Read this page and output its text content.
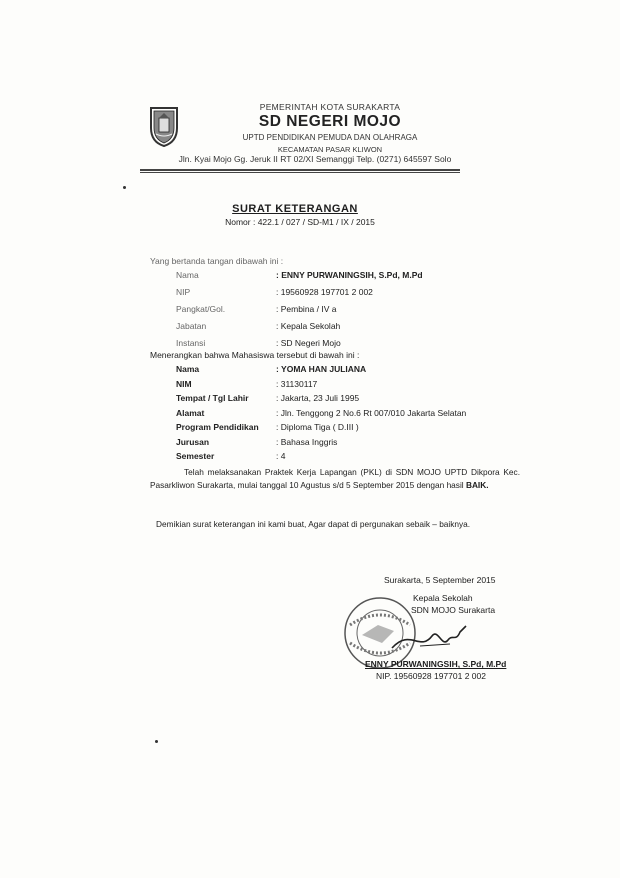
PEMERINTAH KOTA SURAKARTA
SD NEGERI MOJO
UPTD PENDIDIKAN PEMUDA DAN OLAHRAGA
KECAMATAN PASAR KLIWON
Jln. Kyai Mojo Gg. Jeruk II RT 02/XI Semanggi Telp. (0271) 645597 Solo
SURAT KETERANGAN
Nomor : 422.1 / 027 / SD-M1 / IX / 2015
Yang bertanda tangan dibawah ini :
Nama	: ENNY PURWANINGSIH, S.Pd, M.Pd
NIP	: 19560928 197701 2 002
Pangkat/Gol.	: Pembina / IV a
Jabatan	: Kepala Sekolah
Instansi	: SD Negeri Mojo
Menerangkan bahwa Mahasiswa tersebut di bawah ini :
Nama	: YOMA HAN JULIANA
NIM	: 31130117
Tempat / Tgl Lahir	: Jakarta, 23 Juli 1995
Alamat	: Jln. Tenggong 2 No.6 Rt 007/010 Jakarta Selatan
Program Pendidikan : Diploma Tiga ( D.III )
Jurusan	: Bahasa Inggris
Semester	: 4
Telah melaksanakan Praktek Kerja Lapangan (PKL) di SDN MOJO UPTD Dikpora Kec. Pasarkliwon Surakarta, mulai tanggal 10 Agustus s/d 5 September 2015 dengan hasil BAIK.
Demikian surat keterangan ini kami buat, Agar dapat di pergunakan sebaik – baiknya.
Surakarta, 5 September 2015
Kepala Sekolah
SDN MOJO Surakarta
ENNY PURWANINGSIH, S.Pd, M.Pd
NIP. 19560928 197701 2 002
